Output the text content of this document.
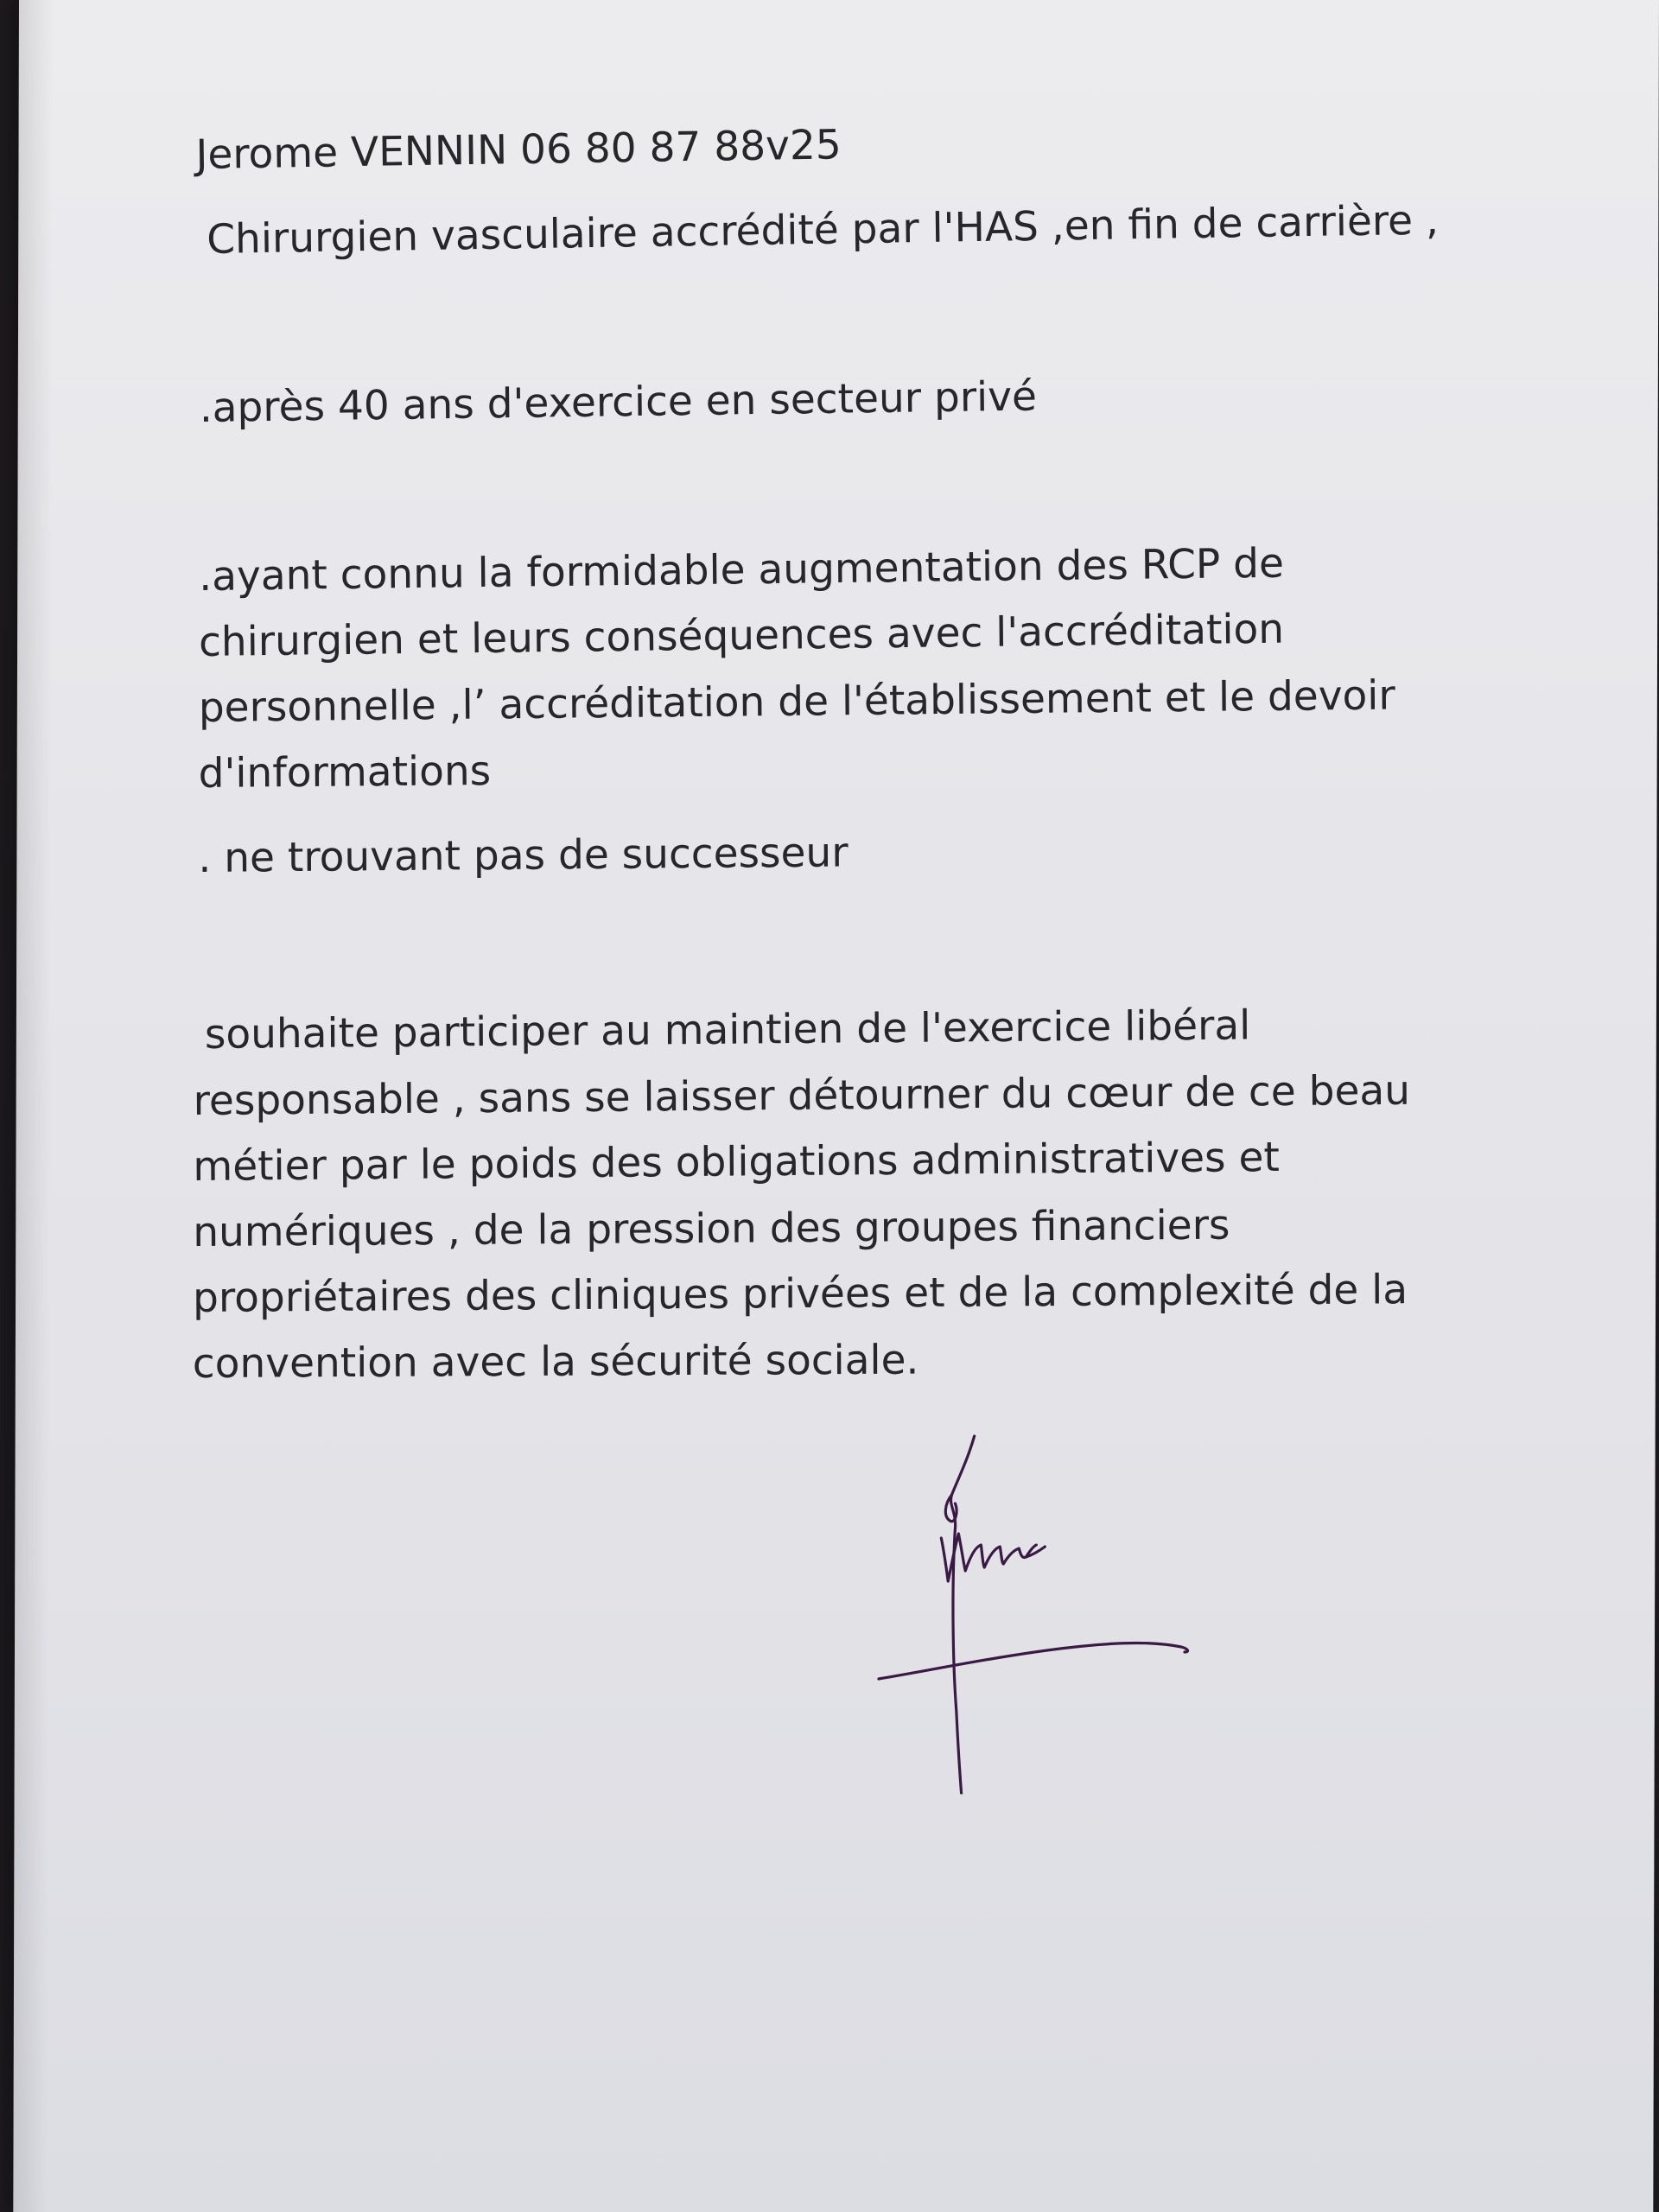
Jerome VENNIN 06 80 87 88v25
Chirurgien vasculaire accrédité par l'HAS ,en fin de carrière ,
.après 40 ans d'exercice en secteur privé
.ayant connu la formidable augmentation des RCP de
chirurgien et leurs conséquences avec l'accréditation
personnelle ,l’ accréditation de l'établissement et le devoir
d'informations
. ne trouvant pas de successeur
souhaite participer au maintien de l'exercice libéral
responsable , sans se laisser détourner du cœur de ce beau
métier par le poids des obligations administratives et
numériques , de la pression des groupes financiers
propriétaires des cliniques privées et de la complexité de la
convention avec la sécurité sociale.
